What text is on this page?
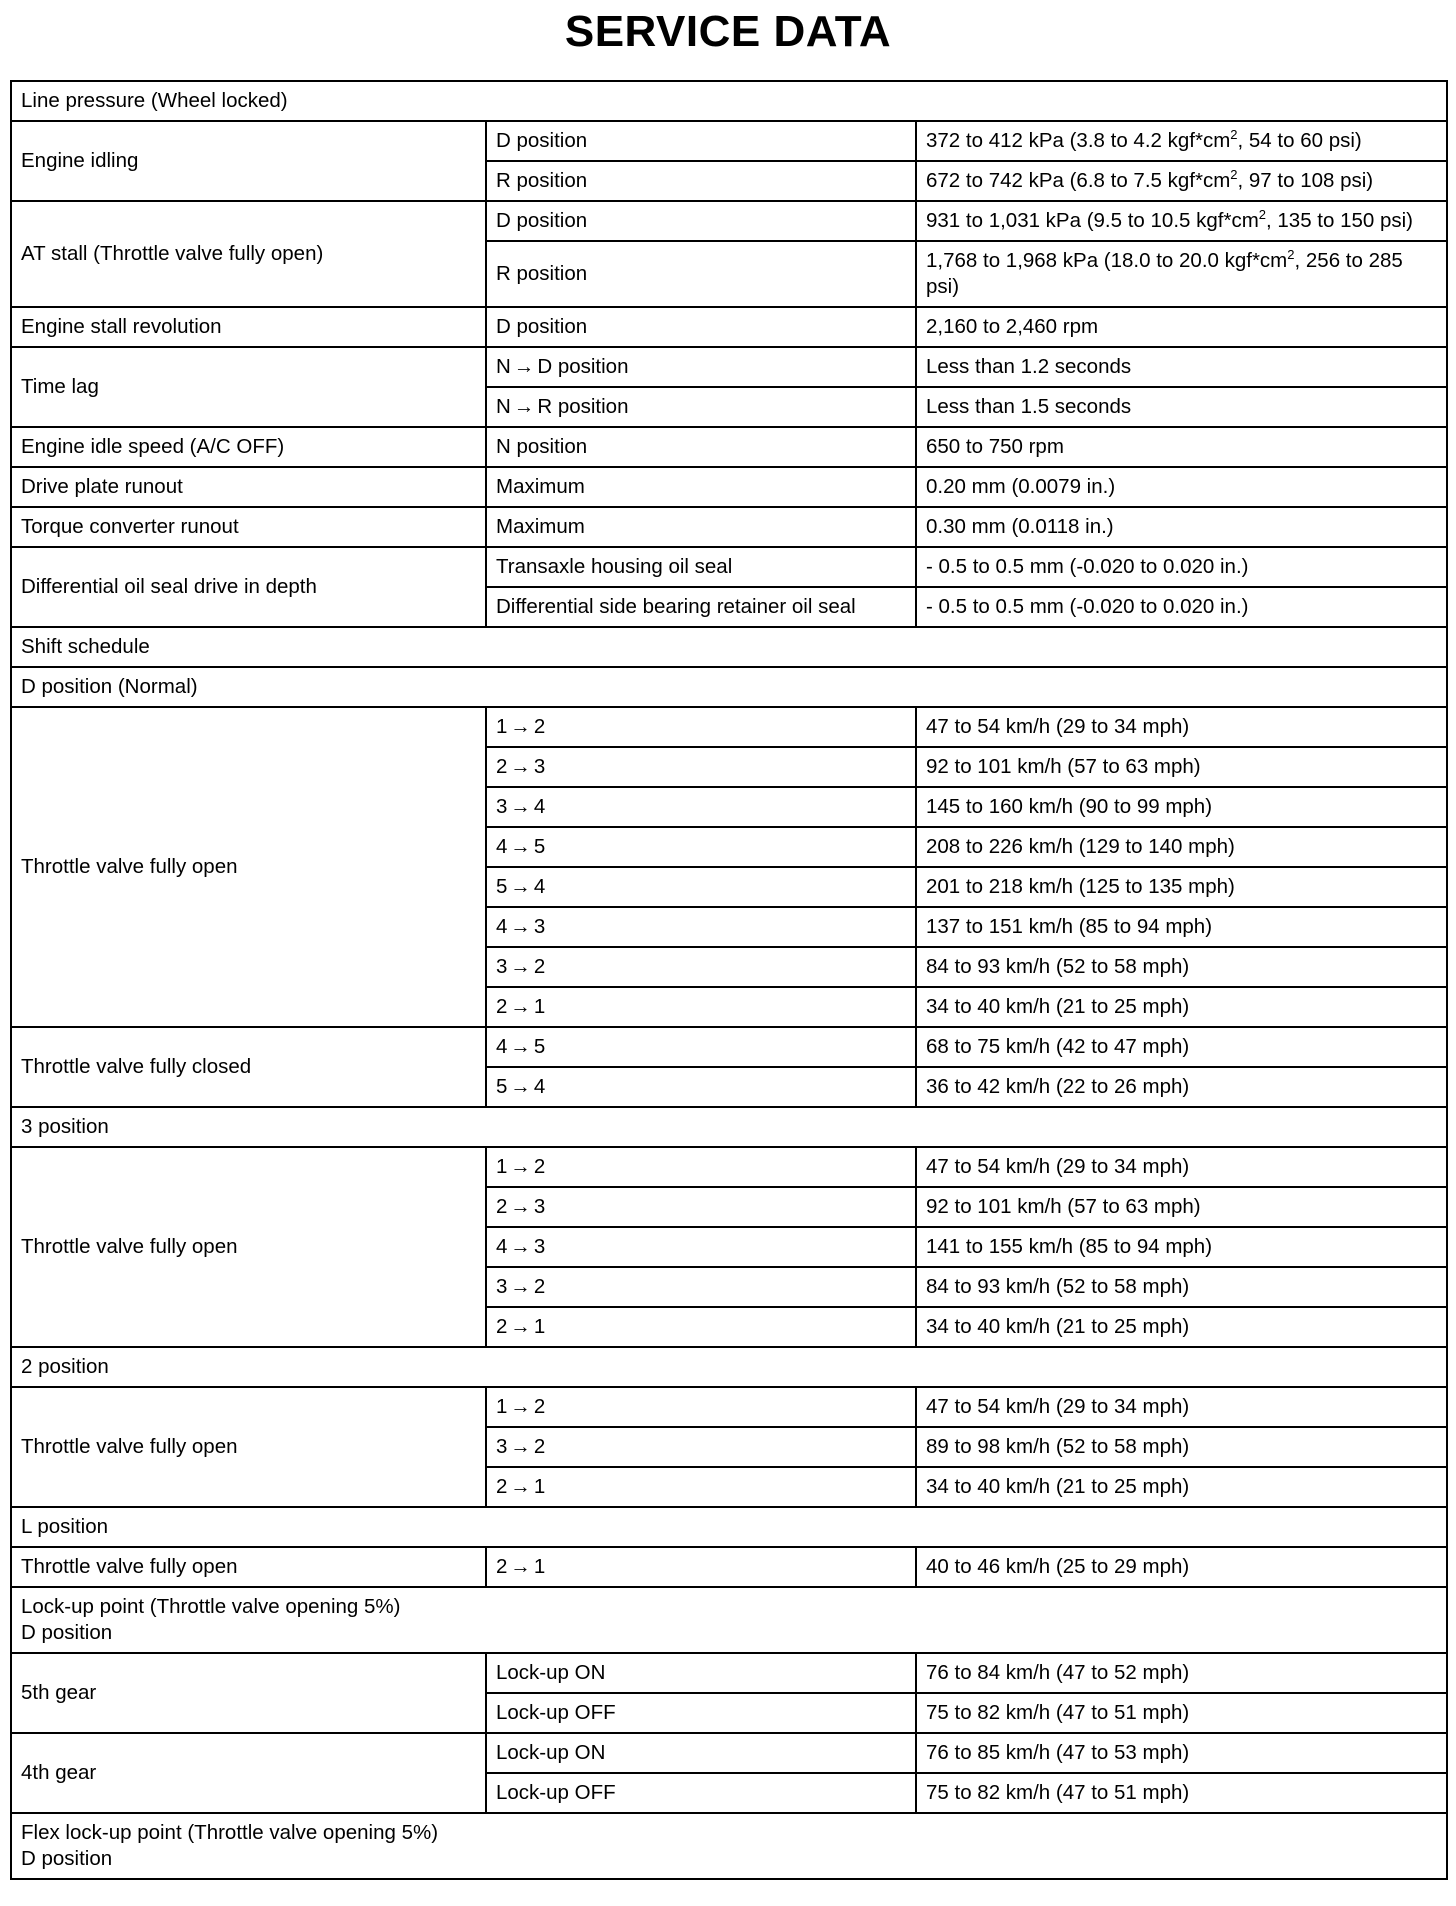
SERVICE DATA
Line pressure (Wheel locked)		
Engine idling	D position	372 to 412 kPa (3.8 to 4.2 $kgf*cm^2$, 54 to 60 psi)
	R position	672 to 742 kPa (6.8 to 7.5 $kgf*cm^2$, 97 to 108 psi)
AT stall (Throttle valve fully open)	D position	931 to 1,031 kPa (9.5 to 10.5 $kgf*cm^2$, 135 to 150 psi)
	R position	1,768 to 1,968 kPa (18.0 to 20.0 $kgf*cm^2$, 256 to 285 psi)
Engine stall revolution	D position	2,160 to 2,460 rpm
Time lag	N → D position	Less than 1.2 seconds
	N → R position	Less than 1.5 seconds
Engine idle speed (A/C OFF)	N position	650 to 750 rpm
Drive plate runout	Maximum	0.20 mm (0.0079 in.)
Torque converter runout	Maximum	0.30 mm (0.0118 in.)
Differential oil seal drive in depth	Transaxle housing oil seal	- 0.5 to 0.5 mm (-0.020 to 0.020 in.)
	Differential side bearing retainer oil seal	- 0.5 to 0.5 mm (-0.020 to 0.020 in.)
Shift schedule		
D position (Normal)		
Throttle valve fully open	1 → 2	47 to 54 km/h (29 to 34 mph)
	2 → 3	92 to 101 km/h (57 to 63 mph)
	3 → 4	145 to 160 km/h (90 to 99 mph)
	4 → 5	208 to 226 km/h (129 to 140 mph)
	5 → 4	201 to 218 km/h (125 to 135 mph)
	4 → 3	137 to 151 km/h (85 to 94 mph)
	3 → 2	84 to 93 km/h (52 to 58 mph)
	2 → 1	34 to 40 km/h (21 to 25 mph)
Throttle valve fully closed	4 → 5	68 to 75 km/h (42 to 47 mph)
	5 → 4	36 to 42 km/h (22 to 26 mph)
3 position		
Throttle valve fully open	1 → 2	47 to 54 km/h (29 to 34 mph)
	2 → 3	92 to 101 km/h (57 to 63 mph)
	4 → 3	141 to 155 km/h (85 to 94 mph)
	3 → 2	84 to 93 km/h (52 to 58 mph)
	2 → 1	34 to 40 km/h (21 to 25 mph)
2 position		
Throttle valve fully open	1 → 2	47 to 54 km/h (29 to 34 mph)
	3 → 2	89 to 98 km/h (52 to 58 mph)
	2 → 1	34 to 40 km/h (21 to 25 mph)
L position		
Throttle valve fully open	2 → 1	40 to 46 km/h (25 to 29 mph)
Lock-up point (Throttle valve opening 5%)
D position		
5th gear	Lock-up ON	76 to 84 km/h (47 to 52 mph)
	Lock-up OFF	75 to 82 km/h (47 to 51 mph)
4th gear	Lock-up ON	76 to 85 km/h (47 to 53 mph)
	Lock-up OFF	75 to 82 km/h (47 to 51 mph)
Flex lock-up point (Throttle valve opening 5%)
D position		
